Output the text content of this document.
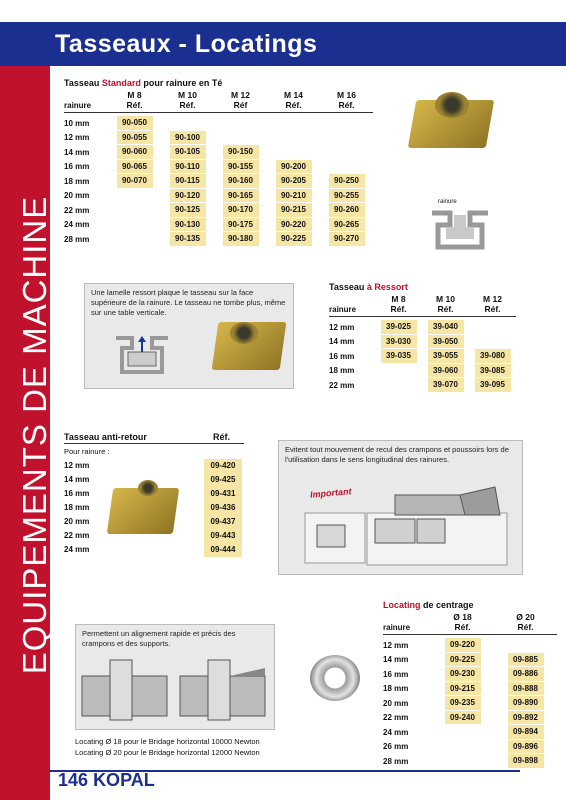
Tasseaux - Locatings
EQUIPEMENTS DE MACHINE
146 KOPAL
Tasseau Standard pour rainure en Té
	M 8	M 10	M 12	M 14	M 16
rainure	Réf.	Réf.	Réf	Réf.	Réf.
10 mm	90-050				

12 mm	90-055	90-100			

14 mm	90-060	90-105	90-150		

16 mm	90-065	90-110	90-155	90-200	

18 mm	90-070	90-115	90-160	90-205	90-250

20 mm		90-120	90-165	90-210	90-255

22 mm		90-125	90-170	90-215	90-260

24 mm		90-130	90-175	90-220	90-265

28 mm		90-135	90-180	90-225	90-270
rainure
Une lamelle ressort plaque le tasseau sur la face supérieure de la rainure. Le tasseau ne tombe plus, même sur une table verticale.
Tasseau à Ressort
	M 8	M 10	M 12
rainure	Réf.	Réf.	Réf.
12 mm	39-025	39-040	

14 mm	39-030	39-050	

16 mm	39-035	39-055	39-080

18 mm		39-060	39-085

22 mm		39-070	39-095
Tasseau anti-retour	Réf.
Pour rainure :
12 mm	09-420
14 mm	09-425
16 mm	09-431
18 mm	09-436
20 mm	09-437
22 mm	09-443
24 mm	09-444
Evitent tout mouvement de recul des crampons et poussoirs lors de l'utilisation dans le sens longitudinal des rainures.
Important
Locating de centrage
	Ø 18	Ø 20
rainure	Réf.	Réf.
12 mm	09-220	

14 mm	09-225	09-885

16 mm	09-230	09-886

18 mm	09-215	09-888

20 mm	09-235	09-890

22 mm	09-240	09-892

24 mm		09-894

26 mm		09-896

28 mm		09-898
Permettent un alignement rapide et précis des crampons et des supports.
Locating Ø 18 pour le Bridage horizontal 10000 Newton
Locating Ø 20 pour le Bridage horizontal 12000 Newton
